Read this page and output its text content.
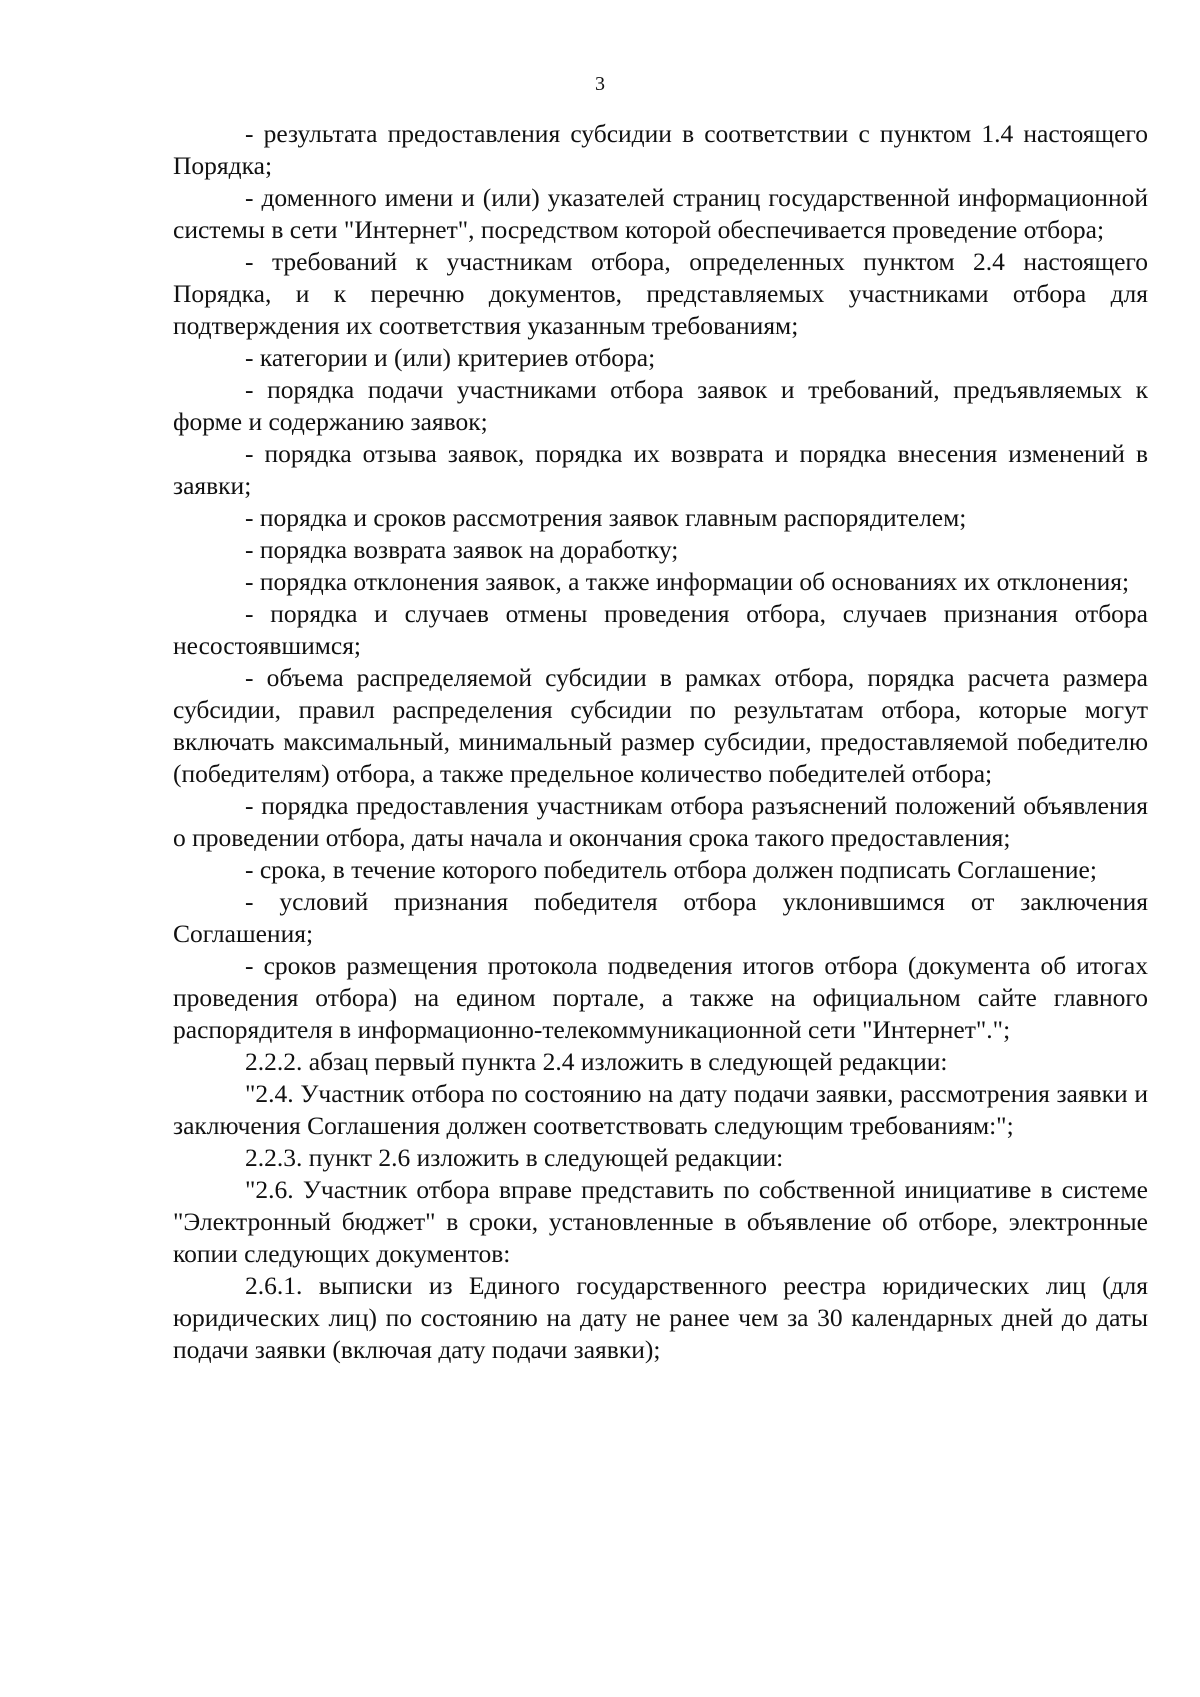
3

- результата предоставления субсидии в соответствии с пунктом 1.4 настоящего Порядка;

- доменного имени и (или) указателей страниц государственной информационной системы в сети "Интернет", посредством которой обеспечивается проведение отбора;

- требований к участникам отбора, определенных пунктом 2.4 настоящего Порядка, и к перечню документов, представляемых участниками отбора для подтверждения их соответствия указанным требованиям;

- категории и (или) критериев отбора;

- порядка подачи участниками отбора заявок и требований, предъявляемых к форме и содержанию заявок;

- порядка отзыва заявок, порядка их возврата и порядка внесения изменений в заявки;

- порядка и сроков рассмотрения заявок главным распорядителем;

- порядка возврата заявок на доработку;

- порядка отклонения заявок, а также информации об основаниях их отклонения;

- порядка и случаев отмены проведения отбора, случаев признания отбора несостоявшимся;

- объема распределяемой субсидии в рамках отбора, порядка расчета размера субсидии, правил распределения субсидии по результатам отбора, которые могут включать максимальный, минимальный размер субсидии, предоставляемой победителю (победителям) отбора, а также предельное количество победителей отбора;

- порядка предоставления участникам отбора разъяснений положений объявления о проведении отбора, даты начала и окончания срока такого предоставления;

- срока, в течение которого победитель отбора должен подписать Соглашение;

- условий признания победителя отбора уклонившимся от заключения Соглашения;

- сроков размещения протокола подведения итогов отбора (документа об итогах проведения отбора) на едином портале, а также на официальном сайте главного распорядителя в информационно-телекоммуникационной сети "Интернет".";

2.2.2. абзац первый пункта 2.4 изложить в следующей редакции:

"2.4. Участник отбора по состоянию на дату подачи заявки, рассмотрения заявки и заключения Соглашения должен соответствовать следующим требованиям:";

2.2.3. пункт 2.6 изложить в следующей редакции:

"2.6. Участник отбора вправе представить по собственной инициативе в системе "Электронный бюджет" в сроки, установленные в объявление об отборе, электронные копии следующих документов:

2.6.1. выписки из Единого государственного реестра юридических лиц (для юридических лиц) по состоянию на дату не ранее чем за 30 календарных дней до даты подачи заявки (включая дату подачи заявки);
